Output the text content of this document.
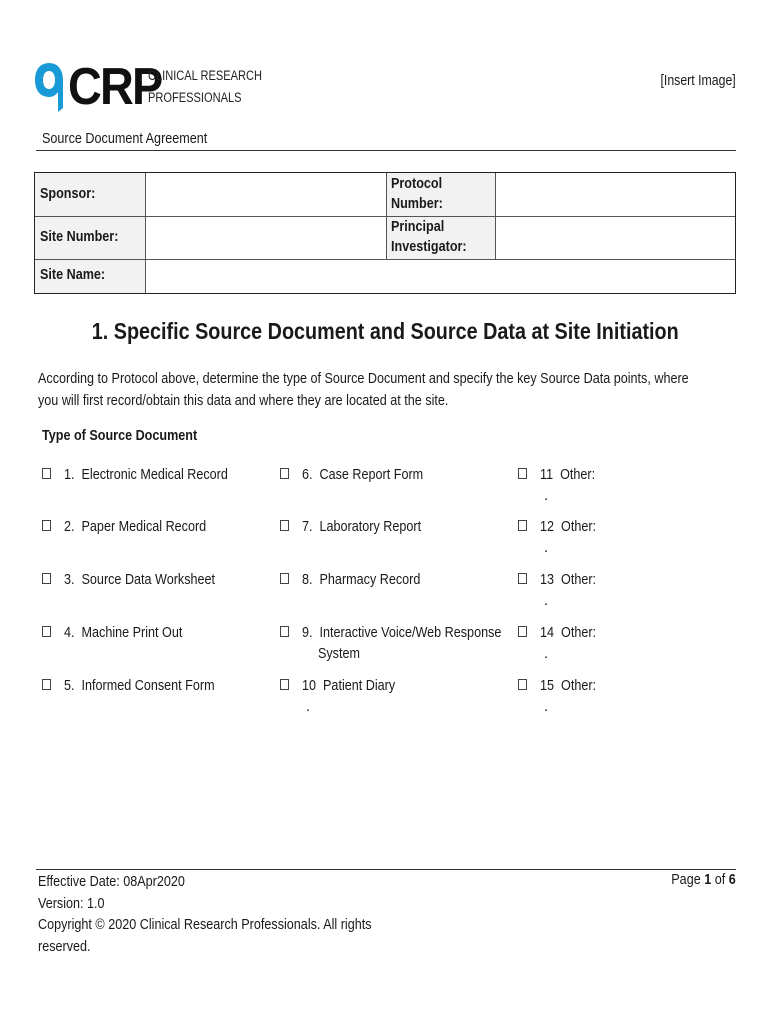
CRP
CLINICAL RESEARCH
PROFESSIONALS
[Insert Image]
Source Document Agreement
Sponsor:
Protocol Number:
Site Number:
Principal Investigator:
Site Name:
1. Specific Source Document and Source Data at Site Initiation
According to Protocol above, determine the type of Source Document and specify the key Source Data points, where you will first record/obtain this data and where they are located at the site.
Type of Source Document
1. Electronic Medical Record
2. Paper Medical Record
3. Source Data Worksheet
4. Machine Print Out
5. Informed Consent Form
6. Case Report Form
7. Laboratory Report
8. Pharmacy Record
9. Interactive Voice/Web Response
System
10 Patient Diary
.
11 Other:
.
12 Other:
.
13 Other:
.
14 Other:
.
15 Other:
.
Effective Date: 08Apr2020
Version: 1.0
Copyright © 2020 Clinical Research Professionals. All rights reserved.
Page 1 of 6
